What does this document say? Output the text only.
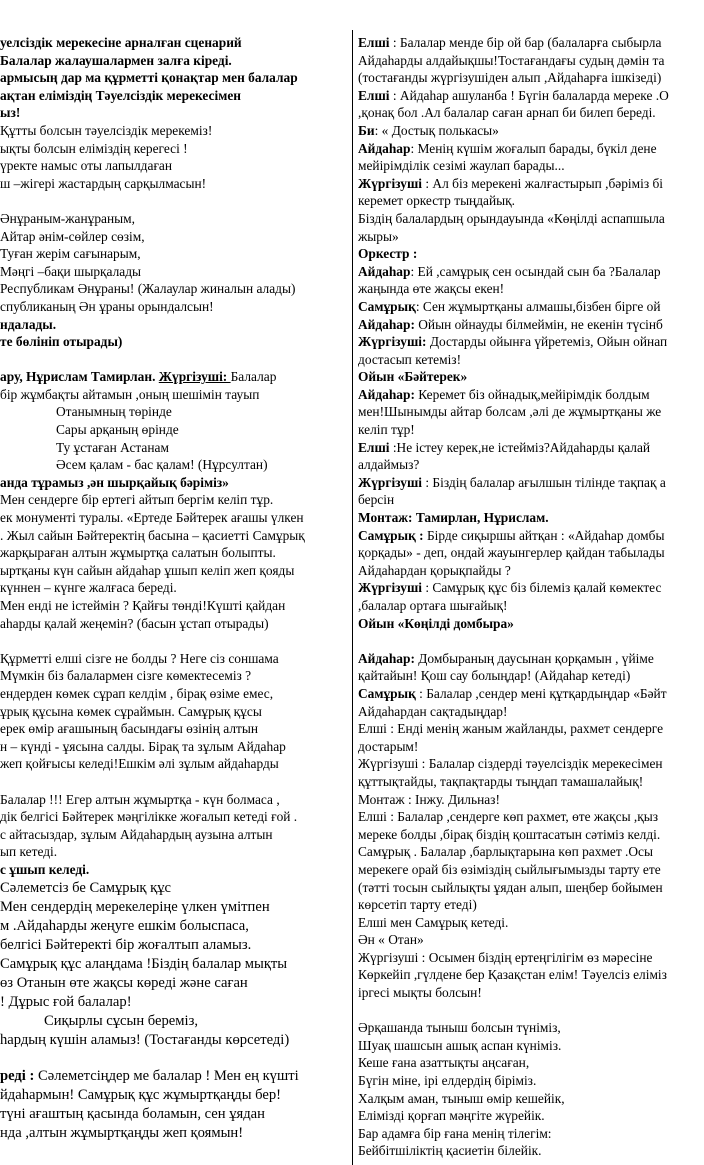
уелсіздік мерекесіне арналған сценарий
Балалар жалаушалармен залға кіреді.
армысың дар ма құрметті қонақтар мен балалар
ақтан еліміздің Тәуелсіздік мерекесімен
ыз!
Құтты болсын тәуелсіздік мерекеміз!
ықты болсын еліміздің керегесі !
үректе намыс оты лапылдаған
ш –жігері жастардың сарқылмасын!
Әнұраным-жанұраным,
Айтар әнім-сөйлер сөзім,
Туған жерім сағынарым,
Мәңгі –бақи шырқалады
Республикам Әнұраны! (Жалаулар жиналын алады)
спубликаның Ән ұраны орындалсын!
ндалады.
те бөлініп отырады)
ару, Нұрислам Тамирлан. Жүргізуші: Балалар
бір жұмбақты айтамын ,оның шешімін тауып
Отанымның төрінде
Сары арқаның өрінде
Ту ұстаған Астанам
Әсем қалам - бас қалам! (Нұрсултан)
анда тұрамыз ,ән шырқайық бәріміз»
Мен сендерге бір ертегі айтып бергім келіп тұр.
ек монументі туралы. «Ертеде Бәйтерек ағашы үлкен
. Жыл сайын Бәйтеректің басына – қасиетті Самұрық
жарқыраған алтын жұмыртқа салатын болыпты.
ыртқаны күн сайын айдаһар ұшып келіп жеп қояды
күннен – күнге жалғаса береді.
Мен енді не істеймін ? Қайғы төнді!Күшті қайдан
аһарды қалай жеңемін? (басын ұстап отырады)
Құрметті елші сізге не болды ? Неге сіз соншама
Мүмкін біз балалармен сізге көмектесеміз ?
ендерден көмек сұрап келдім , бірақ өзіме емес,
ұрық құсына көмек сұраймын. Самұрық құсы
ерек өмір ағашының басындағы өзінің алтын
н – күнді - ұясына салды. Бірақ та зұлым Айдаһар
жеп қойғысы келеді!Ешкім әлі зұлым айдаһарды
Балалар !!! Егер алтын жұмыртқа - күн болмаса ,
дік белгісі Бәйтерек мәңгілікке жоғалып кетеді ғой .
с айтасыздар, зұлым Айдаһардың аузына алтын
ып кетеді.
с ұшып келеді.
Сәлеметсіз бе Самұрық құс
Мен сендердің мерекелеріңе үлкен үмітпен
м .Айдаһарды жеңуге ешкім болыспаса,
белгісі Бәйтеректі бір жоғалтып аламыз.
Самұрық құс алаңдама !Біздің балалар мықты
өз Отанын өте жақсы көреді және саған
! Дұрыс ғой балалар!
Сиқырлы сұсын береміз,
һардың күшін аламыз! (Тостағанды көрсетеді)
реді : Сәлеметсіңдер ме балалар ! Мен ең күшті
йдаһармын! Самұрық құс жұмыртқаңды бер!
түні ағаштың қасында боламын, сен ұядан
нда ,алтын жұмыртқаңды жеп қоямын!
Елші : Балалар менде бір ой бар (балаларға сыбырла
Айдаһарды алдайықшы!Тостағандағы судың дәмін та
(тостағанды жүргізушіден алып ,Айдаһарға ішкізеді)
Елші : Айдаһар ашуланба ! Бүгін балаларда мереке .О
,қонақ бол .Ал балалар саған арнап би билеп береді.
Би: « Достық полькасы»
Айдаһар: Менің күшім жоғалып барады, бүкіл дене
мейірімділік сезімі жаулап барады...
Жүргізуші : Ал біз мерекені жалғастырып ,бәріміз бі
керемет оркестр тыңдайық.
Біздің балалардың орындауында «Көңілді аспапшыла
жыры»
Оркестр :
Айдаһар: Ей ,самұрық сен осындай сын ба ?Балалар
жаңында өте жақсы екен!
Самұрық: Сен жұмыртқаны алмашы,бізбен бірге ой
Айдаһар: Ойын ойнауды білмеймін, не екенін түсінб
Жүргізуші: Достарды ойынға үйретеміз, Ойын ойнап
достасып кетеміз!
Ойын «Бәйтерек»
Айдаһар: Керемет біз ойнадық,мейірімдік болдым
мен!Шынымды айтар болсам ,әлі де жұмыртқаны же
келіп тұр!
Елші :Не істеу керек,не істейміз?Айдаһарды қалай
алдаймыз?
Жүргізуші : Біздің балалар ағылшын тілінде тақпақ а
берсін
Монтаж: Тамирлан, Нұрислам.
Самұрық : Бірде сиқыршы айтқан : «Айдаһар домбы
қорқады» - деп, ондай жауынгерлер қайдан табылады
Айдаһардан қорықпайды ?
Жүргізуші : Самұрық құс біз білеміз қалай көмектес
,балалар ортаға шығайық!
Ойын «Көңілді домбыра»
Айдаһар: Домбыраның даусынан қорқамын , үйіме
қайтайын! Қош сау болыңдар! (Айдаһар кетеді)
Самұрық : Балалар ,сендер мені құтқардыңдар «Бәйт
Айдаһардан сақтадыңдар!
Елші : Енді менің жаным жайланды, рахмет сендерге
достарым!
Жүргізуші : Балалар сіздерді тәуелсіздік мерекесімен
құттықтайды, тақпақтарды тыңдап тамашалайық!
Монтаж : Інжу. Дильназ!
Елші : Балалар ,сендерге көп рахмет, өте жақсы ,қыз
мереке болды ,бірақ біздің қоштасатын сәтіміз келді.
Самұрық . Балалар ,барлықтарына көп рахмет .Осы
мерекеге орай біз өзіміздің сыйлығымызды тарту ете
(тәтті тосын сыйлықты ұядан алып, шеңбер бойымен
көрсетіп тарту етеді)
Елші мен Самұрық кетеді.
Ән « Отан»
Жүргізуші : Осымен біздің ертеңгілігім өз мәресіне
Көркейіп ,гүлдене бер Қазақстан елім! Тәуелсіз еліміз
іргесі мықты болсын!
Әрқашанда тыныш болсын түніміз,
Шуақ шашсын ашық аспан күніміз.
Кеше ғана азаттықты аңсаған,
Бүгін міне, ірі елдердің біріміз.
Халқым аман, тыныш өмір кешейік,
Елімізді қорғап мәңгіте жүрейік.
Бар адамға бір ғана менің тілегім:
Бейбітшіліктің қасиетін білейік.
